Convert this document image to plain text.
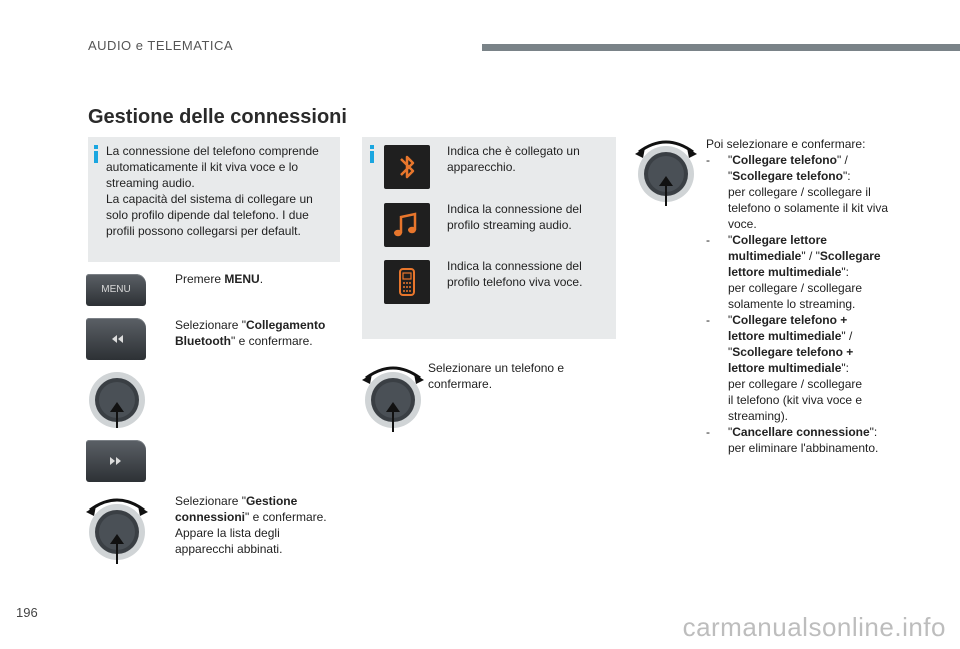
AUDIO e TELEMATICA
Gestione delle connessioni
La connessione del telefono comprende
automaticamente il kit viva voce e lo
streaming audio.
La capacità del sistema di collegare un
solo profilo dipende dal telefono. I due
profili possono collegarsi per default.
MENU
Premere MENU.
Selezionare "Collegamento
Bluetooth" e confermare.
Selezionare "Gestione
connessioni" e confermare.
Appare la lista degli
apparecchi abbinati.
Indica che è collegato un
apparecchio.
Indica la connessione del
profilo streaming audio.
Indica la connessione del
profilo telefono viva voce.
Selezionare un telefono e
confermare.
Poi selezionare e confermare:
- "Collegare telefono" /
"Scollegare telefono":
per collegare / scollegare il
telefono o solamente il kit viva
voce.
- "Collegare lettore
multimediale" / "Scollegare
lettore multimediale":
per collegare / scollegare
solamente lo streaming.
- "Collegare telefono +
lettore multimediale" /
"Scollegare telefono +
lettore multimediale":
per collegare / scollegare
il telefono (kit viva voce e
streaming).
- "Cancellare connessione":
per eliminare l'abbinamento.
196	carmanualsonline.info
